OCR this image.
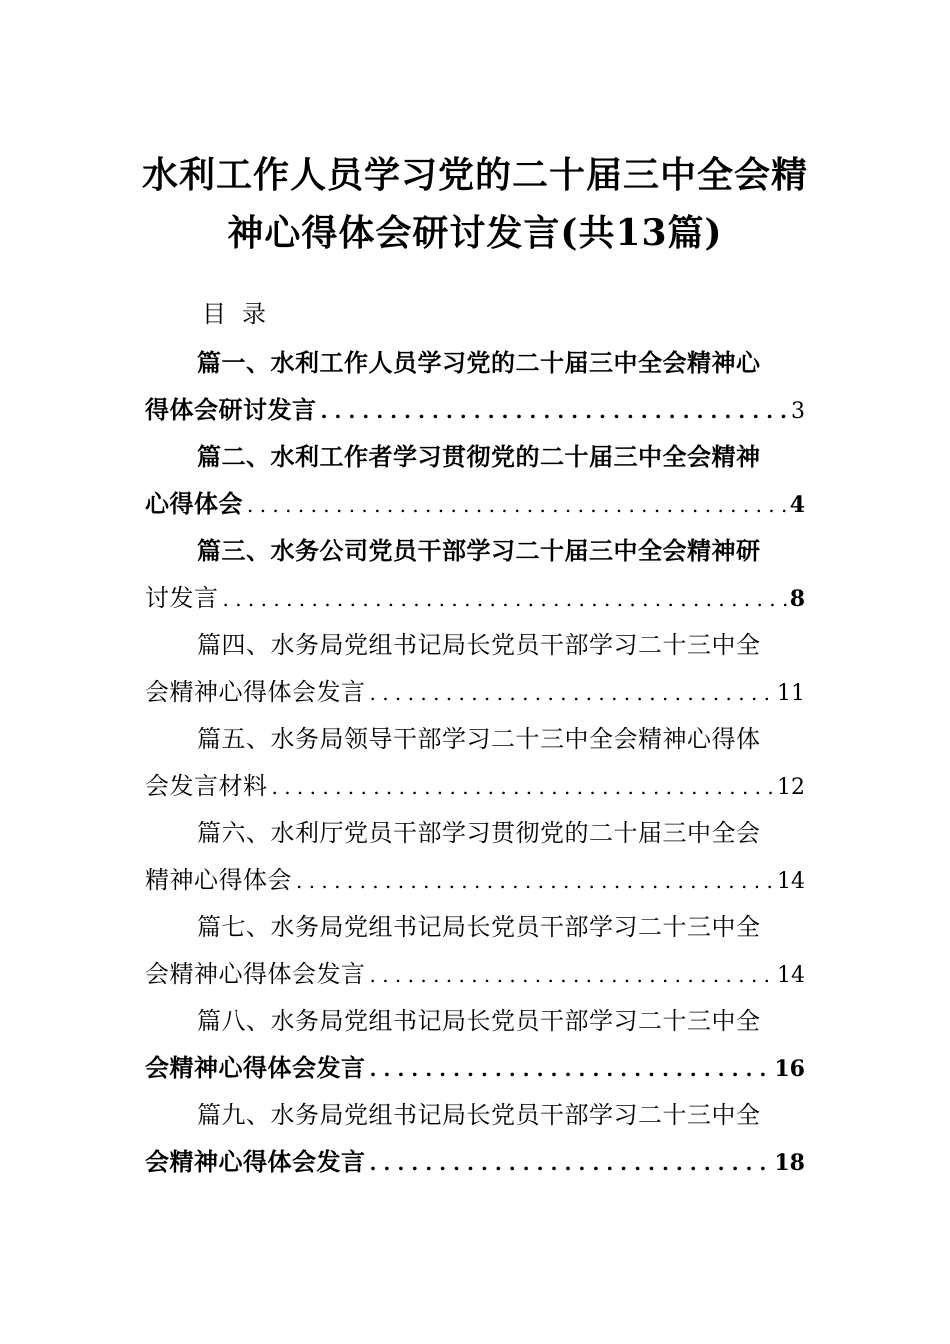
水利工作人员学习党的二十届三中全会精
神心得体会研讨发言(共13篇)
目录
篇一、水利工作人员学习党的二十届三中全会精神心
得体会研讨发言 . . .	3
篇二、水利工作者学习贯彻党的二十届三中全会精神
心得体会 . . .	4
篇三、水务公司党员干部学习二十届三中全会精神研
讨发言 . . .	8
篇四、水务局党组书记局长党员干部学习二十三中全
会精神心得体会发言 . . .	11
篇五、水务局领导干部学习二十三中全会精神心得体
会发言材料 . . .	12
篇六、水利厅党员干部学习贯彻党的二十届三中全会
精神心得体会 . . .	14
篇七、水务局党组书记局长党员干部学习二十三中全
会精神心得体会发言 . . .	14
篇八、水务局党组书记局长党员干部学习二十三中全
会精神心得体会发言 . . .	16
篇九、水务局党组书记局长党员干部学习二十三中全
会精神心得体会发言 . . .	18
